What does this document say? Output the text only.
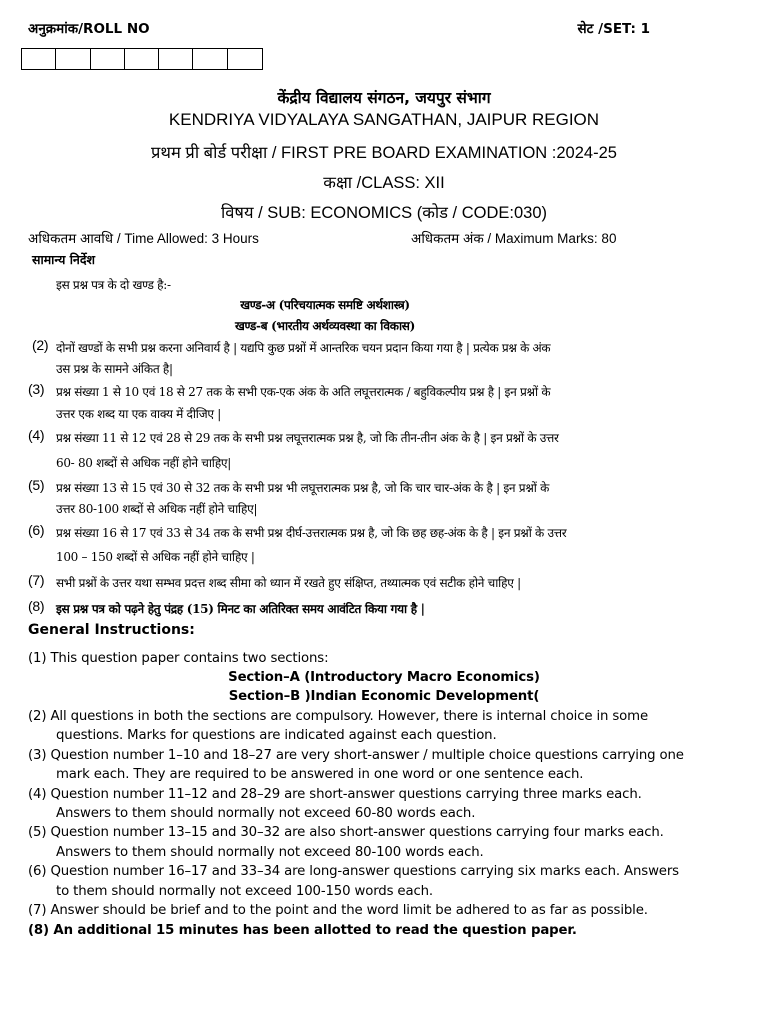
अनुक्रमांक/ROLL NO	सेट /SET: 1
केंद्रीय विद्यालय संगठन, जयपुर संभाग
KENDRIYA VIDYALAYA SANGATHAN, JAIPUR REGION
प्रथम प्री बोर्ड परीक्षा / FIRST PRE BOARD EXAMINATION :2024-25
कक्षा /CLASS: XII
विषय / SUB: ECONOMICS (कोड / CODE:030)
अधिकतम आवधि / Time Allowed: 3 Hours	अधिकतम अंक / Maximum Marks: 80
सामान्य निर्देश
इस प्रश्न पत्र के दो खण्ड है:-
खण्ड-अ (परिचयात्मक समष्टि अर्थशास्त्र)
खण्ड-ब (भारतीय अर्थव्यवस्था का विकास)
(2) दोनों खण्डों के सभी प्रश्न करना अनिवार्य है | यद्यपि कुछ प्रश्नों में आन्तरिक चयन प्रदान किया गया है | प्रत्येक प्रश्न के अंक
उस प्रश्न के सामने अंकित है|
(3) प्रश्न संख्या 1 से 10 एवं 18 से 27 तक के सभी एक-एक अंक के अति लघूत्तरात्मक / बहुविकल्पीय प्रश्न है | इन प्रश्नों के
उत्तर एक शब्द या एक वाक्य में दीजिए |
(4) प्रश्न संख्या 11 से 12 एवं 28 से 29 तक के सभी प्रश्न लघूत्तरात्मक प्रश्न है, जो कि तीन-तीन अंक के है | इन प्रश्नों के उत्तर
60- 80 शब्दों से अधिक नहीं होने चाहिए|
(5) प्रश्न संख्या 13 से 15 एवं 30 से 32 तक के सभी प्रश्न भी लघूत्तरात्मक प्रश्न है, जो कि चार चार-अंक के है | इन प्रश्नों के
उत्तर 80-100 शब्दों से अधिक नहीं होने चाहिए|
(6) प्रश्न संख्या 16 से 17 एवं 33 से 34 तक के सभी प्रश्न दीर्घ-उत्तरात्मक प्रश्न है, जो कि छह छह-अंक के है | इन प्रश्नों के उत्तर
100 – 150 शब्दों से अधिक नहीं होने चाहिए |
(7) सभी प्रश्नों के उत्तर यथा सम्भव प्रदत्त शब्द सीमा को ध्यान में रखते हुए संक्षिप्त, तथ्यात्मक एवं सटीक होने चाहिए |
(8) इस प्रश्न पत्र को पढ़ने हेतु पंद्रह (15) मिनट का अतिरिक्त समय आवंटित किया गया है |
General Instructions:
(1) This question paper contains two sections:
Section–A (Introductory Macro Economics)
Section–B )Indian Economic Development(
(2) All questions in both the sections are compulsory. However, there is internal choice in some
questions. Marks for questions are indicated against each question.
(3) Question number 1–10 and 18–27 are very short-answer / multiple choice questions carrying one
mark each. They are required to be answered in one word or one sentence each.
(4) Question number 11–12 and 28–29 are short-answer questions carrying three marks each.
Answers to them should normally not exceed 60-80 words each.
(5) Question number 13–15 and 30–32 are also short-answer questions carrying four marks each.
Answers to them should normally not exceed 80-100 words each.
(6) Question number 16–17 and 33–34 are long-answer questions carrying six marks each. Answers
to them should normally not exceed 100-150 words each.
(7) Answer should be brief and to the point and the word limit be adhered to as far as possible.
(8) An additional 15 minutes has been allotted to read the question paper.
